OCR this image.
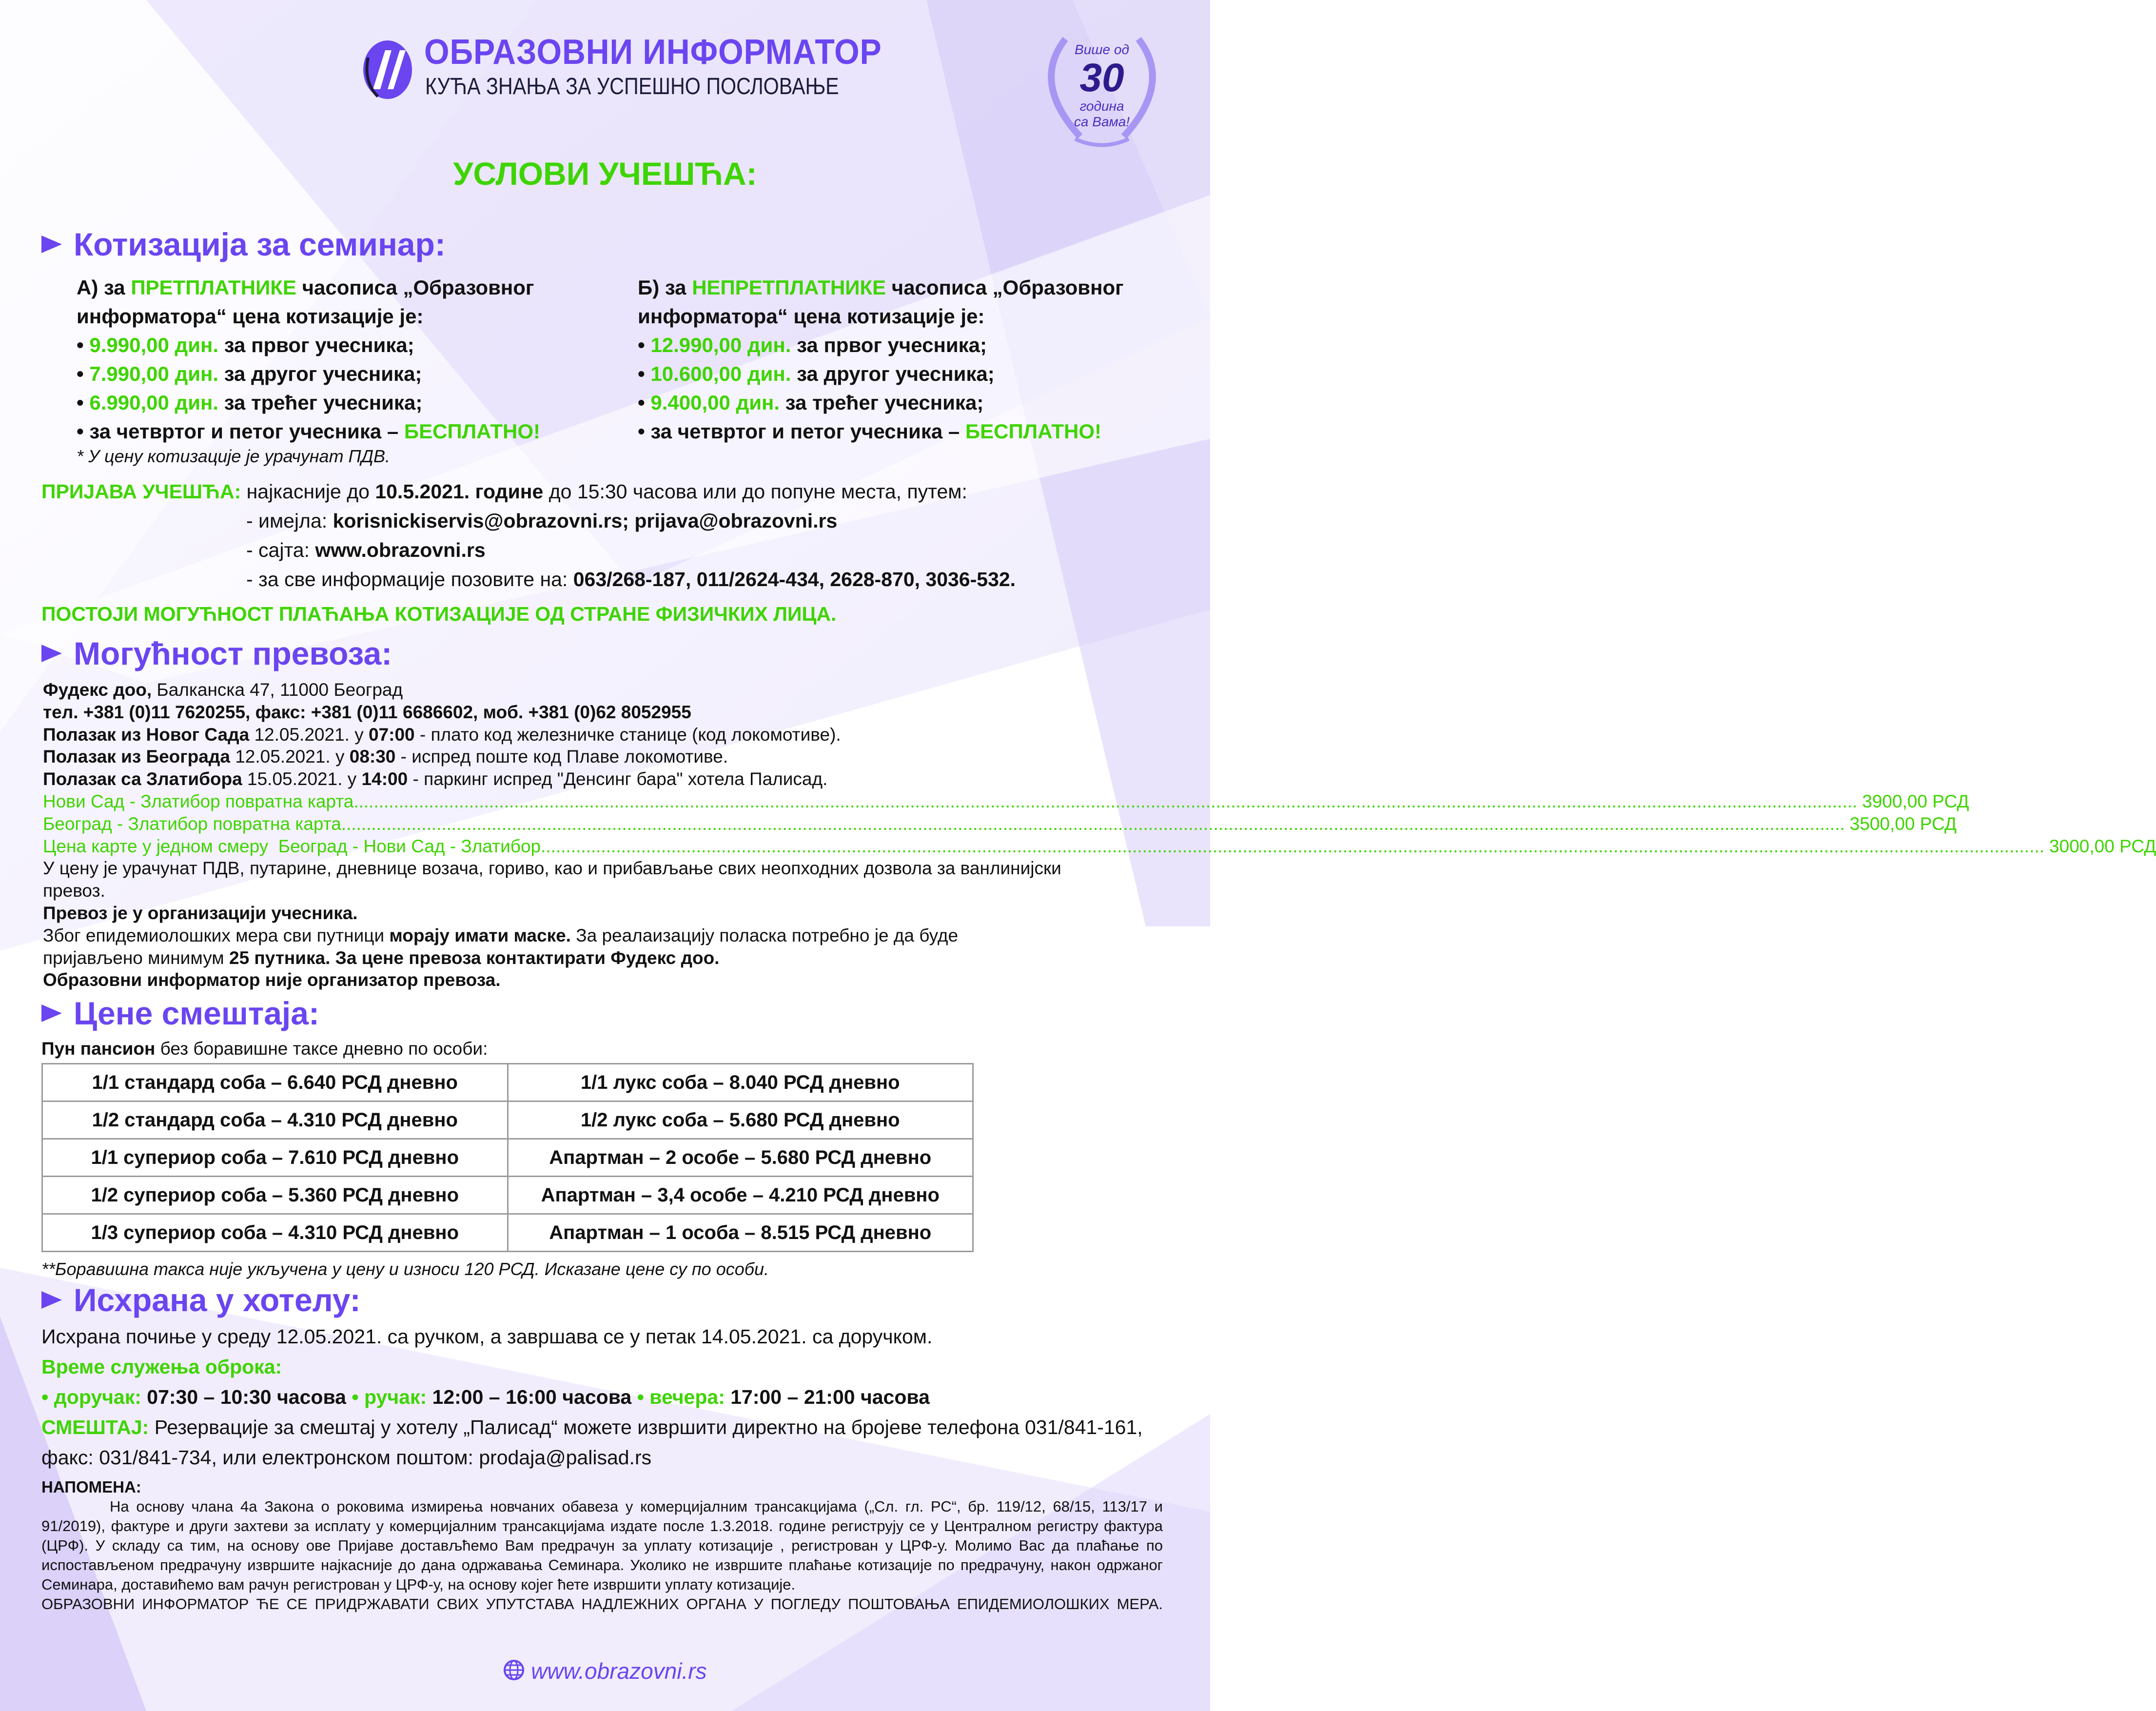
ОБРАЗОВНИ ИНФОРМАТОР
КУЋА ЗНАЊА ЗА УСПЕШНО ПОСЛОВАЊЕ
Више од
30
година
са Вама!
УСЛОВИ УЧЕШЋА:
Котизација за семинар:
А) за ПРЕТПЛАТНИКЕ часописа „Образовног
информатора“ цена котизације је:
• 9.990,00 дин. за првог учесника;
• 7.990,00 дин. за другог учесника;
• 6.990,00 дин. за трећег учесника;
• за четвртог и петог учесника – БЕСПЛАТНО!
* У цену котизације је урачунат ПДВ.
Б) за НЕПРЕТПЛАТНИКЕ часописа „Образовног
информатора“ цена котизације је:
• 12.990,00 дин. за првог учесника;
• 10.600,00 дин. за другог учесника;
• 9.400,00 дин. за трећег учесника;
• за четвртог и петог учесника – БЕСПЛАТНО!
ПРИЈАВА УЧЕШЋА: најкасније до 10.5.2021. године до 15:30 часова или до попуне места, путем:
- имејла: korisnickiservis@obrazovni.rs; prijava@obrazovni.rs
- сајта: www.obrazovni.rs
- за све информације позовите на: 063/268-187, 011/2624-434, 2628-870, 3036-532.
ПОСТОЈИ МОГУЋНОСТ ПЛАЋАЊА КОТИЗАЦИЈЕ ОД СТРАНЕ ФИЗИЧКИХ ЛИЦА.
Могућност превоза:
Фудекс доо, Балканска 47, 11000 Београд
тел. +381 (0)11 7620255, факс: +381 (0)11 6686602, моб. +381 (0)62 8052955
Полазак из Новог Сада 12.05.2021. у 07:00 - плато код железничке станице (код локомотиве).
Полазак из Београда 12.05.2021. у 08:30 - испред поште код Плаве локомотиве.
Полазак са Златибора 15.05.2021. у 14:00 - паркинг испред "Денсинг бара" хотела Палисад.
Нови Сад - Златибор повратна карта ............................................................................................................................................................................................................................................................................................................ 3900,00 РСД
Београд - Златибор повратна карта ............................................................................................................................................................................................................................................................................................................ 3500,00 РСД
Цена карте у једном смеру  Београд - Нови Сад - Златибор ............................................................................................................................................................................................................................................................................................................ 3000,00 РСД
У цену је урачунат ПДВ, путарине, дневнице возача, гориво, као и прибављање свих неопходних дозвола за ванлинијски
превоз.
Превоз је у организацији учесника.
Због епидемиолошких мера сви путници морају имати маске. За реалаизацију поласка потребно је да буде
пријављено минимум 25 путника. За цене превоза контактирати Фудекс доо.
Образовни информатор није организатор превоза.
Цене смештаја:
Пун пансион без боравишне таксе дневно по особи:
1/1 стандард соба – 6.640 РСД дневно	1/1 лукс соба – 8.040 РСД дневно
1/2 стандард соба – 4.310 РСД дневно	1/2 лукс соба – 5.680 РСД дневно
1/1 супериор соба – 7.610 РСД дневно	Апартман – 2 особе – 5.680 РСД дневно
1/2 супериор соба – 5.360 РСД дневно	Апартман – 3,4 особе – 4.210 РСД дневно
1/3 супериор соба – 4.310 РСД дневно	Апартман – 1 особа – 8.515 РСД дневно
**Боравишна такса није укључена у цену и износи 120 РСД. Исказане цене су по особи.
Исхрана у хотелу:
Исхрана почиње у среду 12.05.2021. са ручком, а завршава се у петак 14.05.2021. са доручком.
Време служења оброка:
• доручак: 07:30 – 10:30 часова • ручак: 12:00 – 16:00 часова • вечера: 17:00 – 21:00 часова
СМЕШТАЈ: Резервације за смештај у хотелу „Палисад“ можете извршити директно на бројеве телефона 031/841-161,
факс: 031/841-734, или електронском поштом: prodaja@palisad.rs
НАПОМЕНА:

На основу члана 4а Закона о роковима измирења новчаних обавеза у комерцијалним трансакцијама („Сл. гл. РС“, бр. 119/12, 68/15, 113/17 и 91/2019), фактуре и други захтеви за исплату у комерцијалним трансакцијама издате после 1.3.2018. године региструју се у Централном регистру фактура (ЦРФ). У складу са тим, на основу ове Пријаве достављћемо Вам предрачун за уплату котизације , регистрован у ЦРФ-у. Молимо Вас да плаћање по испостављеном предрачуну извршите најкасније до дана одржавања Семинара. Уколико не извршите плаћање котизације по предрачуну, након одржаног Семинара, доставићемо вам рачун регистрован у ЦРФ-у, на основу којег ћете извршити уплату котизације.

ОБРАЗОВНИ ИНФОРМАТОР ЋЕ СЕ ПРИДРЖАВАТИ СВИХ УПУТСТАВА НАДЛЕЖНИХ ОРГАНА У ПОГЛЕДУ ПОШТОВАЊА ЕПИДЕМИОЛОШКИХ МЕРА.

www.obrazovni.rs
